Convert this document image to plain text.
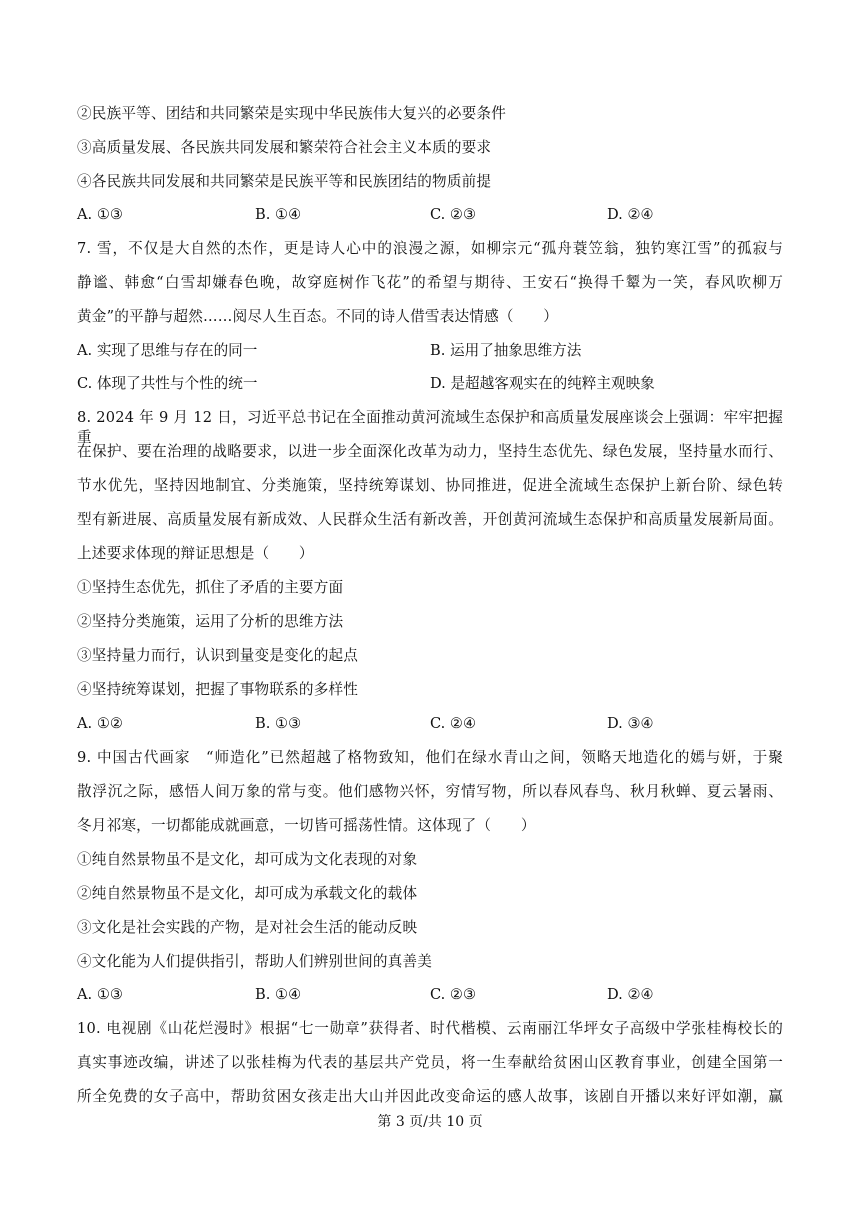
②民族平等、团结和共同繁荣是实现中华民族伟大复兴的必要条件
③高质量发展、各民族共同发展和繁荣符合社会主义本质的要求
④各民族共同发展和共同繁荣是民族平等和民族团结的物质前提
A. ①③	B. ①④	C. ②③	D. ②④
7. 雪，不仅是大自然的杰作，更是诗人心中的浪漫之源，如柳宗元“孤舟蓑笠翁，独钓寒江雪”的孤寂与
静谧、韩愈“白雪却嫌春色晚，故穿庭树作飞花”的希望与期待、王安石“换得千颦为一笑，春风吹柳万
黄金”的平静与超然……阅尽人生百态。不同的诗人借雪表达情感（　　）
A. 实现了思维与存在的同一	B. 运用了抽象思维方法
C. 体现了共性与个性的统一	D. 是超越客观实在的纯粹主观映象
8. 2024 年 9 月 12 日，习近平总书记在全面推动黄河流域生态保护和高质量发展座谈会上强调：牢牢把握重
在保护、要在治理的战略要求，以进一步全面深化改革为动力，坚持生态优先、绿色发展，坚持量水而行、
节水优先，坚持因地制宜、分类施策，坚持统筹谋划、协同推进，促进全流域生态保护上新台阶、绿色转
型有新进展、高质量发展有新成效、人民群众生活有新改善，开创黄河流域生态保护和高质量发展新局面。
上述要求体现的辩证思想是（　　）
①坚持生态优先，抓住了矛盾的主要方面
②坚持分类施策，运用了分析的思维方法
③坚持量力而行，认识到量变是变化的起点
④坚持统筹谋划，把握了事物联系的多样性
A. ①②	B. ①③	C. ②④	D. ③④
9. 中国古代画家　“师造化”已然超越了格物致知，他们在绿水青山之间，领略天地造化的嫣与妍，于聚
散浮沉之际，感悟人间万象的常与变。他们感物兴怀，穷情写物，所以春风春鸟、秋月秋蝉、夏云暑雨、
冬月祁寒，一切都能成就画意，一切皆可摇荡性情。这体现了（　　）
①纯自然景物虽不是文化，却可成为文化表现的对象
②纯自然景物虽不是文化，却可成为承载文化的载体
③文化是社会实践的产物，是对社会生活的能动反映
④文化能为人们提供指引，帮助人们辨别世间的真善美
A. ①③	B. ①④	C. ②③	D. ②④
10. 电视剧《山花烂漫时》根据“七一勋章”获得者、时代楷模、云南丽江华坪女子高级中学张桂梅校长的
真实事迹改编，讲述了以张桂梅为代表的基层共产党员，将一生奉献给贫困山区教育事业，创建全国第一
所全免费的女子高中，帮助贫困女孩走出大山并因此改变命运的感人故事，该剧自开播以来好评如潮，赢
第 3 页/共 10 页
